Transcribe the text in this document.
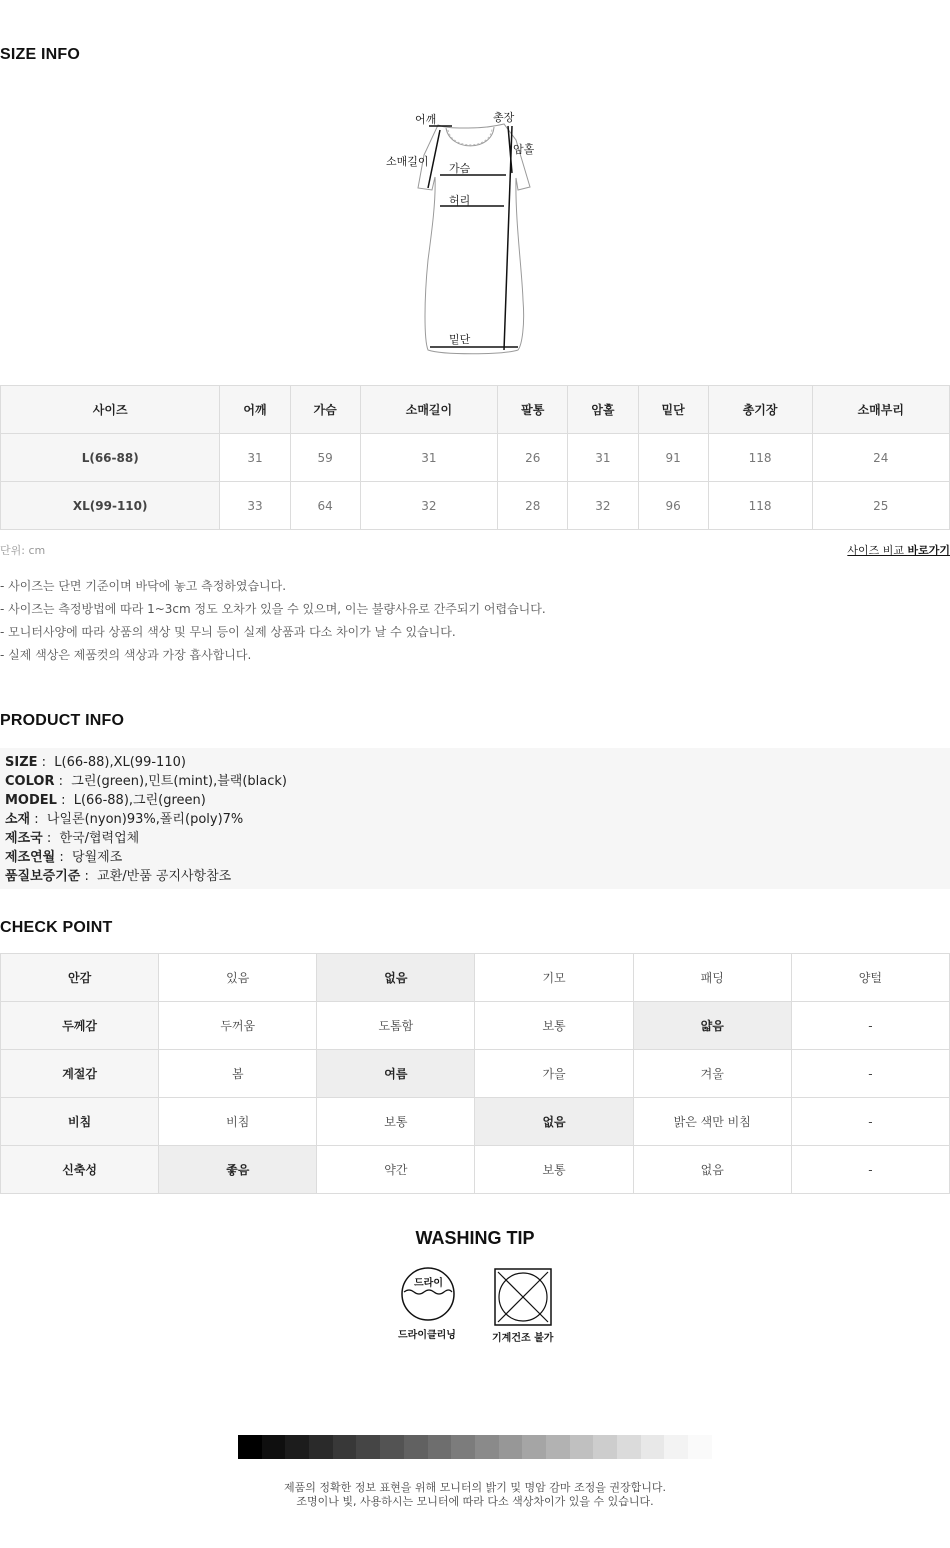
SIZE INFO
어깨	총장
암홀
소매길이
가슴
허리
밑단
사이즈	어깨	가슴	소매길이	팔통	암홀	밑단	총기장	소매부리
L(66-88)	31	59	31	26	31	91	118	24
XL(99-110)	33	64	32	28	32	96	118	25
단위: cm	사이즈 비교 바로가기
- 사이즈는 단면 기준이며 바닥에 놓고 측정하였습니다.
- 사이즈는 측정방법에 따라 1~3cm 정도 오차가 있을 수 있으며, 이는 불량사유로 간주되기 어렵습니다.
- 모니터사양에 따라 상품의 색상 및 무늬 등이 실제 상품과 다소 차이가 날 수 있습니다.
- 실제 색상은 제품컷의 색상과 가장 흡사합니다.
PRODUCT INFO
SIZE :  L(66-88),XL(99-110)
COLOR :  그린(green),민트(mint),블랙(black)
MODEL :  L(66-88),그린(green)
소재 :  나일론(nyon)93%,폴리(poly)7%
제조국 :  한국/협력업체
제조연월 :  당월제조
품질보증기준 :  교환/반품 공지사항참조
CHECK POINT
안감	있음	없음	기모	패딩	양털
두께감	두꺼움	도톰함	보통	얇음	-
계절감	봄	여름	가을	겨울	-
비침	비침	보통	없음	밝은 색만 비침	-
신축성	좋음	약간	보통	없음	-
WASHING TIP
드라이
드라이클리닝	기계건조 불가
제품의 정확한 정보 표현을 위해 모니터의 밝기 및 명암 감마 조정을 권장합니다.
조명이나 빛, 사용하시는 모니터에 따라 다소 색상차이가 있을 수 있습니다.
